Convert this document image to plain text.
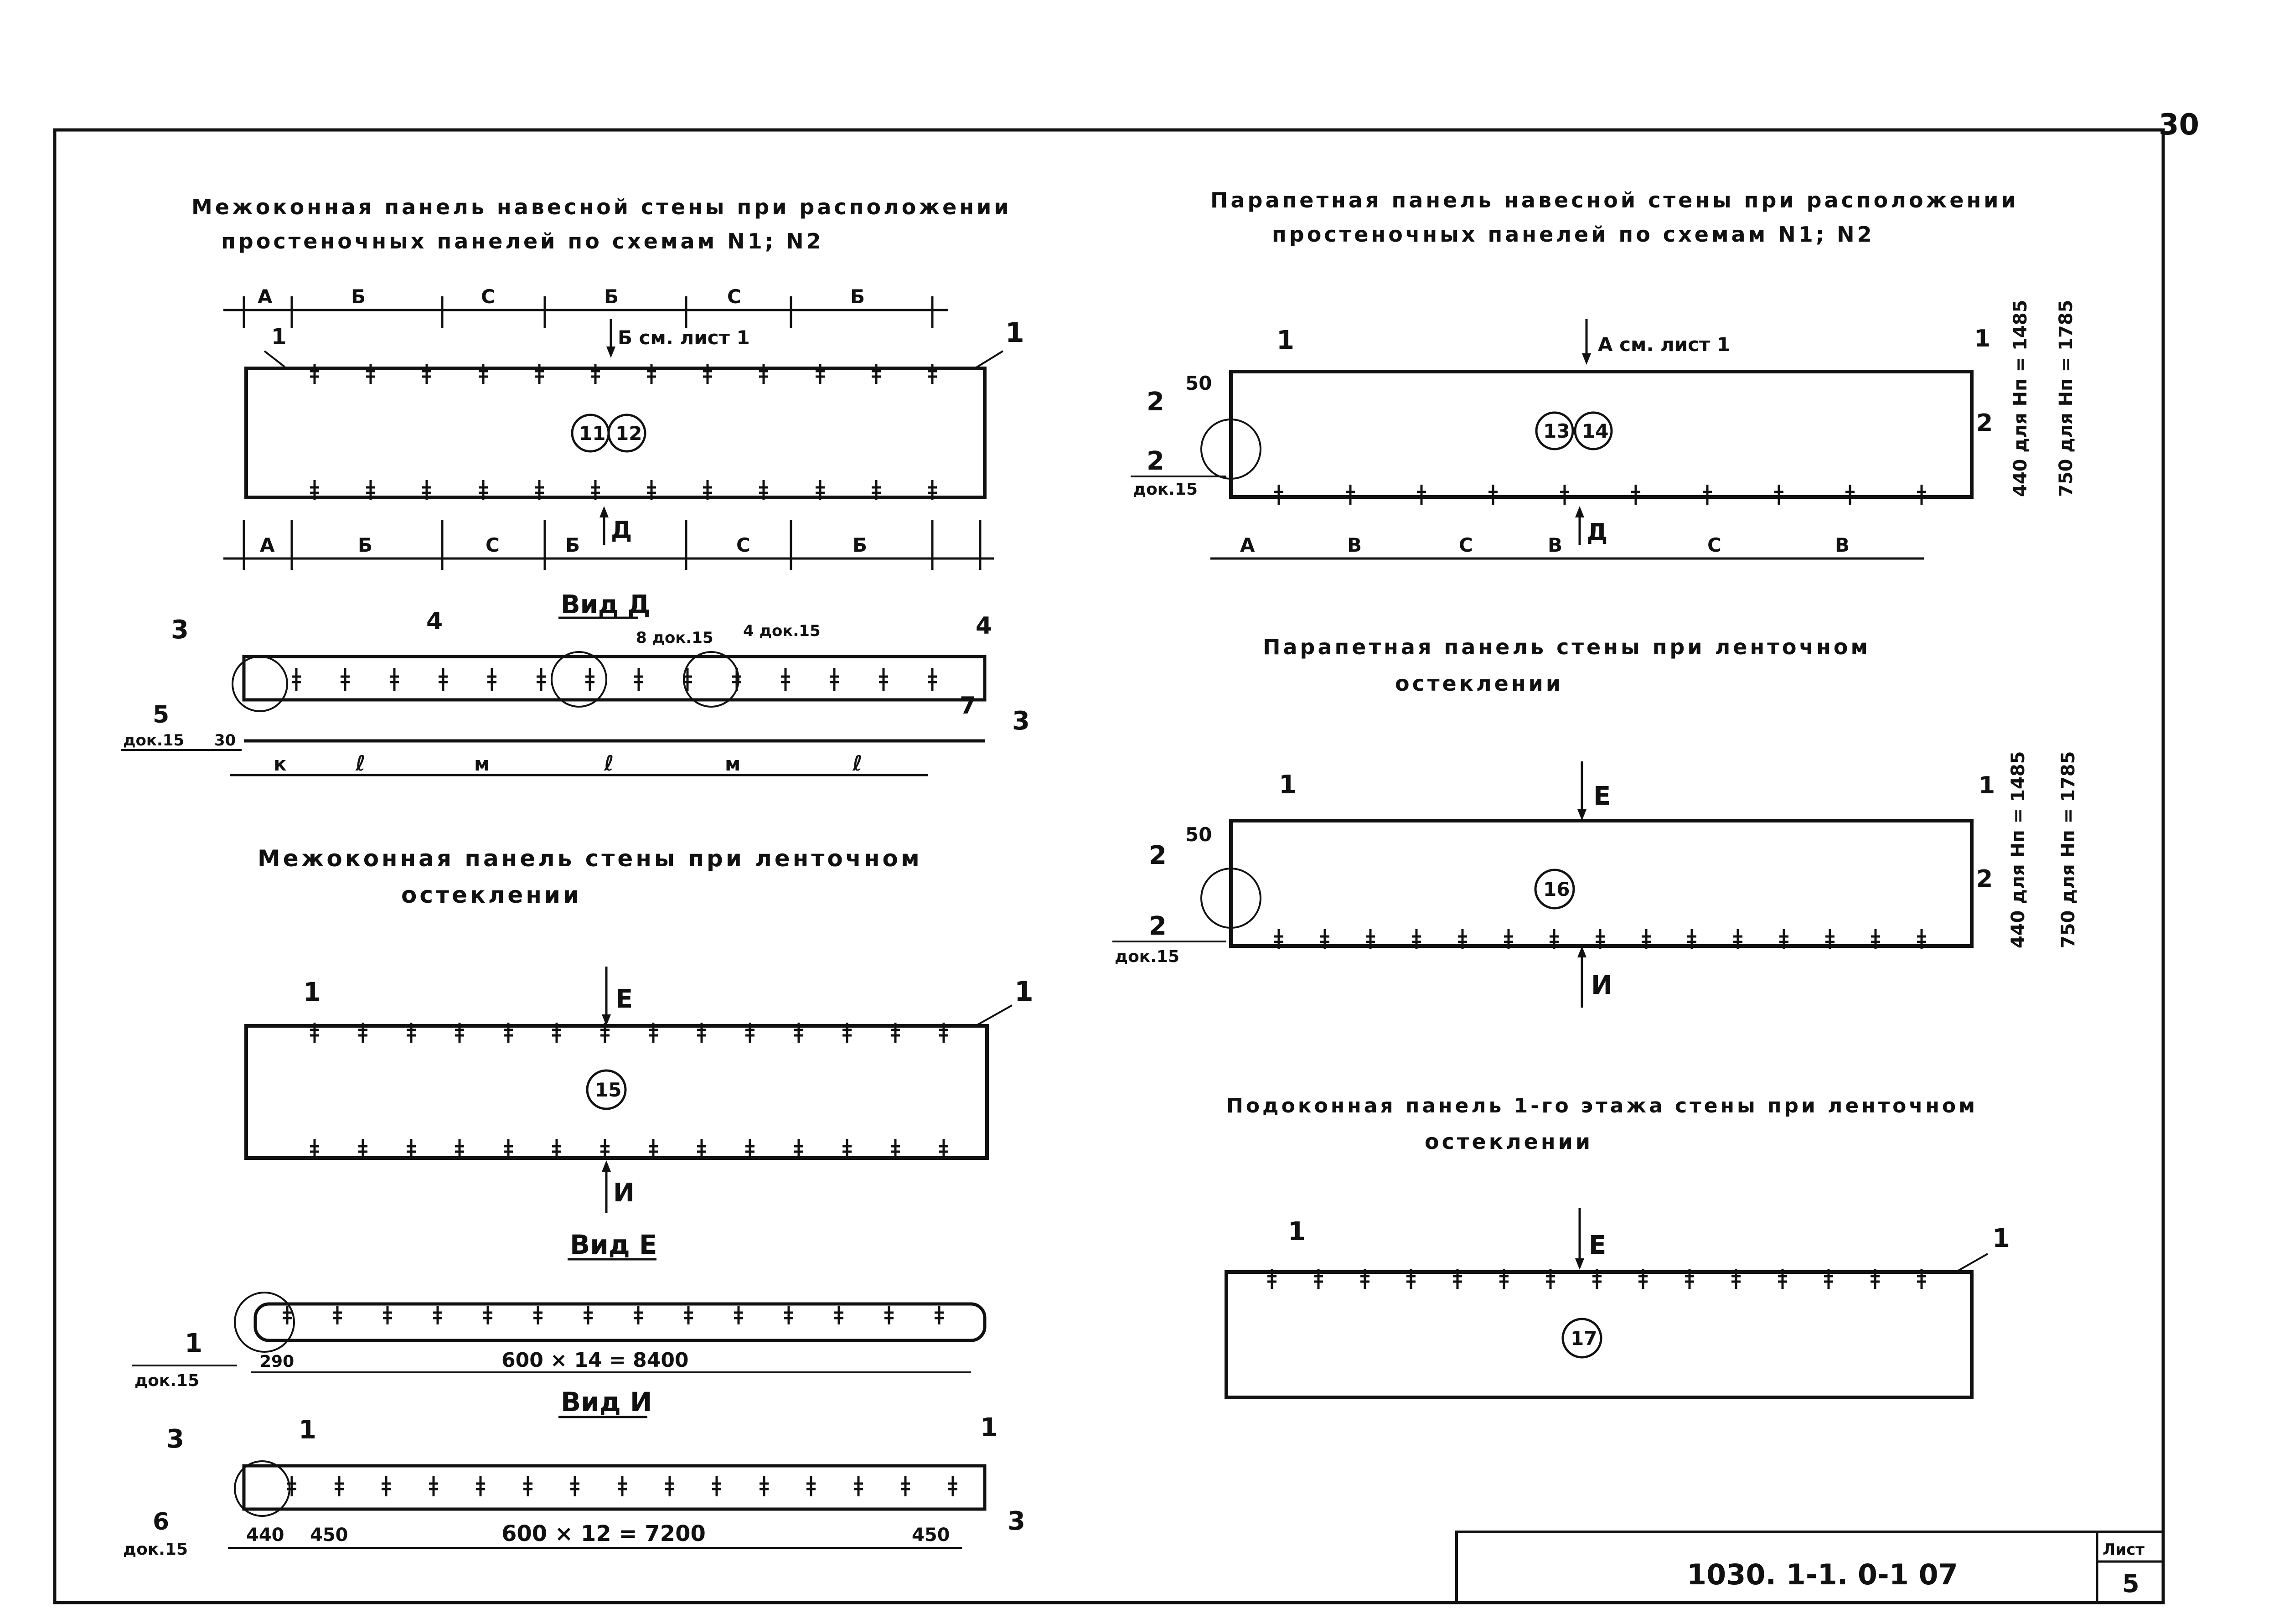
30
Межоконная панель навесной стены при расположении
простеночных панелей по схемам N1; N2
А	Б	С	Б	С	Б
Б см. лист 1
1	1
11 12
А	Б	С	Б	С	Б
Д
Вид Д
3	4	4
5	3
7
8 док.15 4 док.15
док.15 30
к	ℓ	м	ℓ	м	ℓ
Межоконная панель стены при ленточном
остеклении
Е
И
15
1	1
Вид Е
1
док.15
290	600 × 14 = 8400
Вид И
3	1	1
6	3
док.15
440 450	600 × 12 = 7200	450
Парапетная панель навесной стены при расположении
простеночных панелей по схемам N1; N2
А см. лист 1
13 14
50
1
2
2
док.15
1
2 440 для Hп = 1485 750 для Hп = 1785
А	В	С	В	С	В
Д
Парапетная панель стены при ленточном
остеклении
Е
И
16
50
1
2
2
док.15
1
2 440 для Hп = 1485 750 для Hп = 1785
Подоконная панель 1-го этажа стены при ленточном
остеклении
Е
17
1	1
1030. 1-1. 0-1 07
Лист
5
